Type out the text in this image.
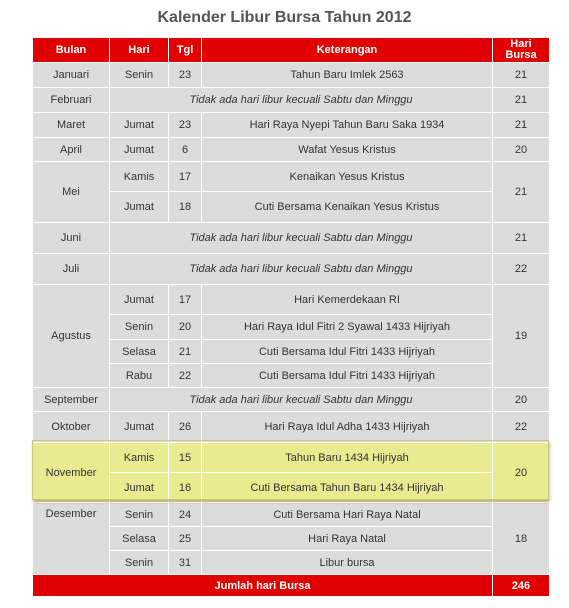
Kalender Libur Bursa Tahun 2012
Bulan	Hari	Tgl	Keterangan	Hari
Bursa
Januari	Senin	23	Tahun Baru Imlek 2563	21
Februari	Tidak ada hari libur kecuali Sabtu dan Minggu			21
Maret	Jumat	23	Hari Raya Nyepi Tahun Baru Saka 1934	21
April	Jumat	6	Wafat Yesus Kristus	20
Mei	Kamis	17	Kenaikan Yesus Kristus	21
	Jumat	18	Cuti Bersama Kenaikan Yesus Kristus	
Juni	Tidak ada hari libur kecuali Sabtu dan Minggu			21
Juli	Tidak ada hari libur kecuali Sabtu dan Minggu			22
Agustus	Jumat	17	Hari Kemerdekaan RI	19
	Senin	20	Hari Raya Idul Fitri 2 Syawal 1433 Hijriyah	
	Selasa	21	Cuti Bersama Idul Fitri 1433 Hijriyah	
	Rabu	22	Cuti Bersama Idul Fitri 1433 Hijriyah	
September	Tidak ada hari libur kecuali Sabtu dan Minggu			20
Oktober	Jumat	26	Hari Raya Idul Adha 1433 Hijriyah	22
November	Kamis	15	Tahun Baru 1434 Hijriyah	20
	Jumat	16	Cuti Bersama Tahun Baru 1434 Hijriyah	
Desember	Senin	24	Cuti Bersama Hari Raya Natal	18
	Selasa	25	Hari Raya Natal	
	Senin	31	Libur bursa	
Jumlah hari Bursa				246
